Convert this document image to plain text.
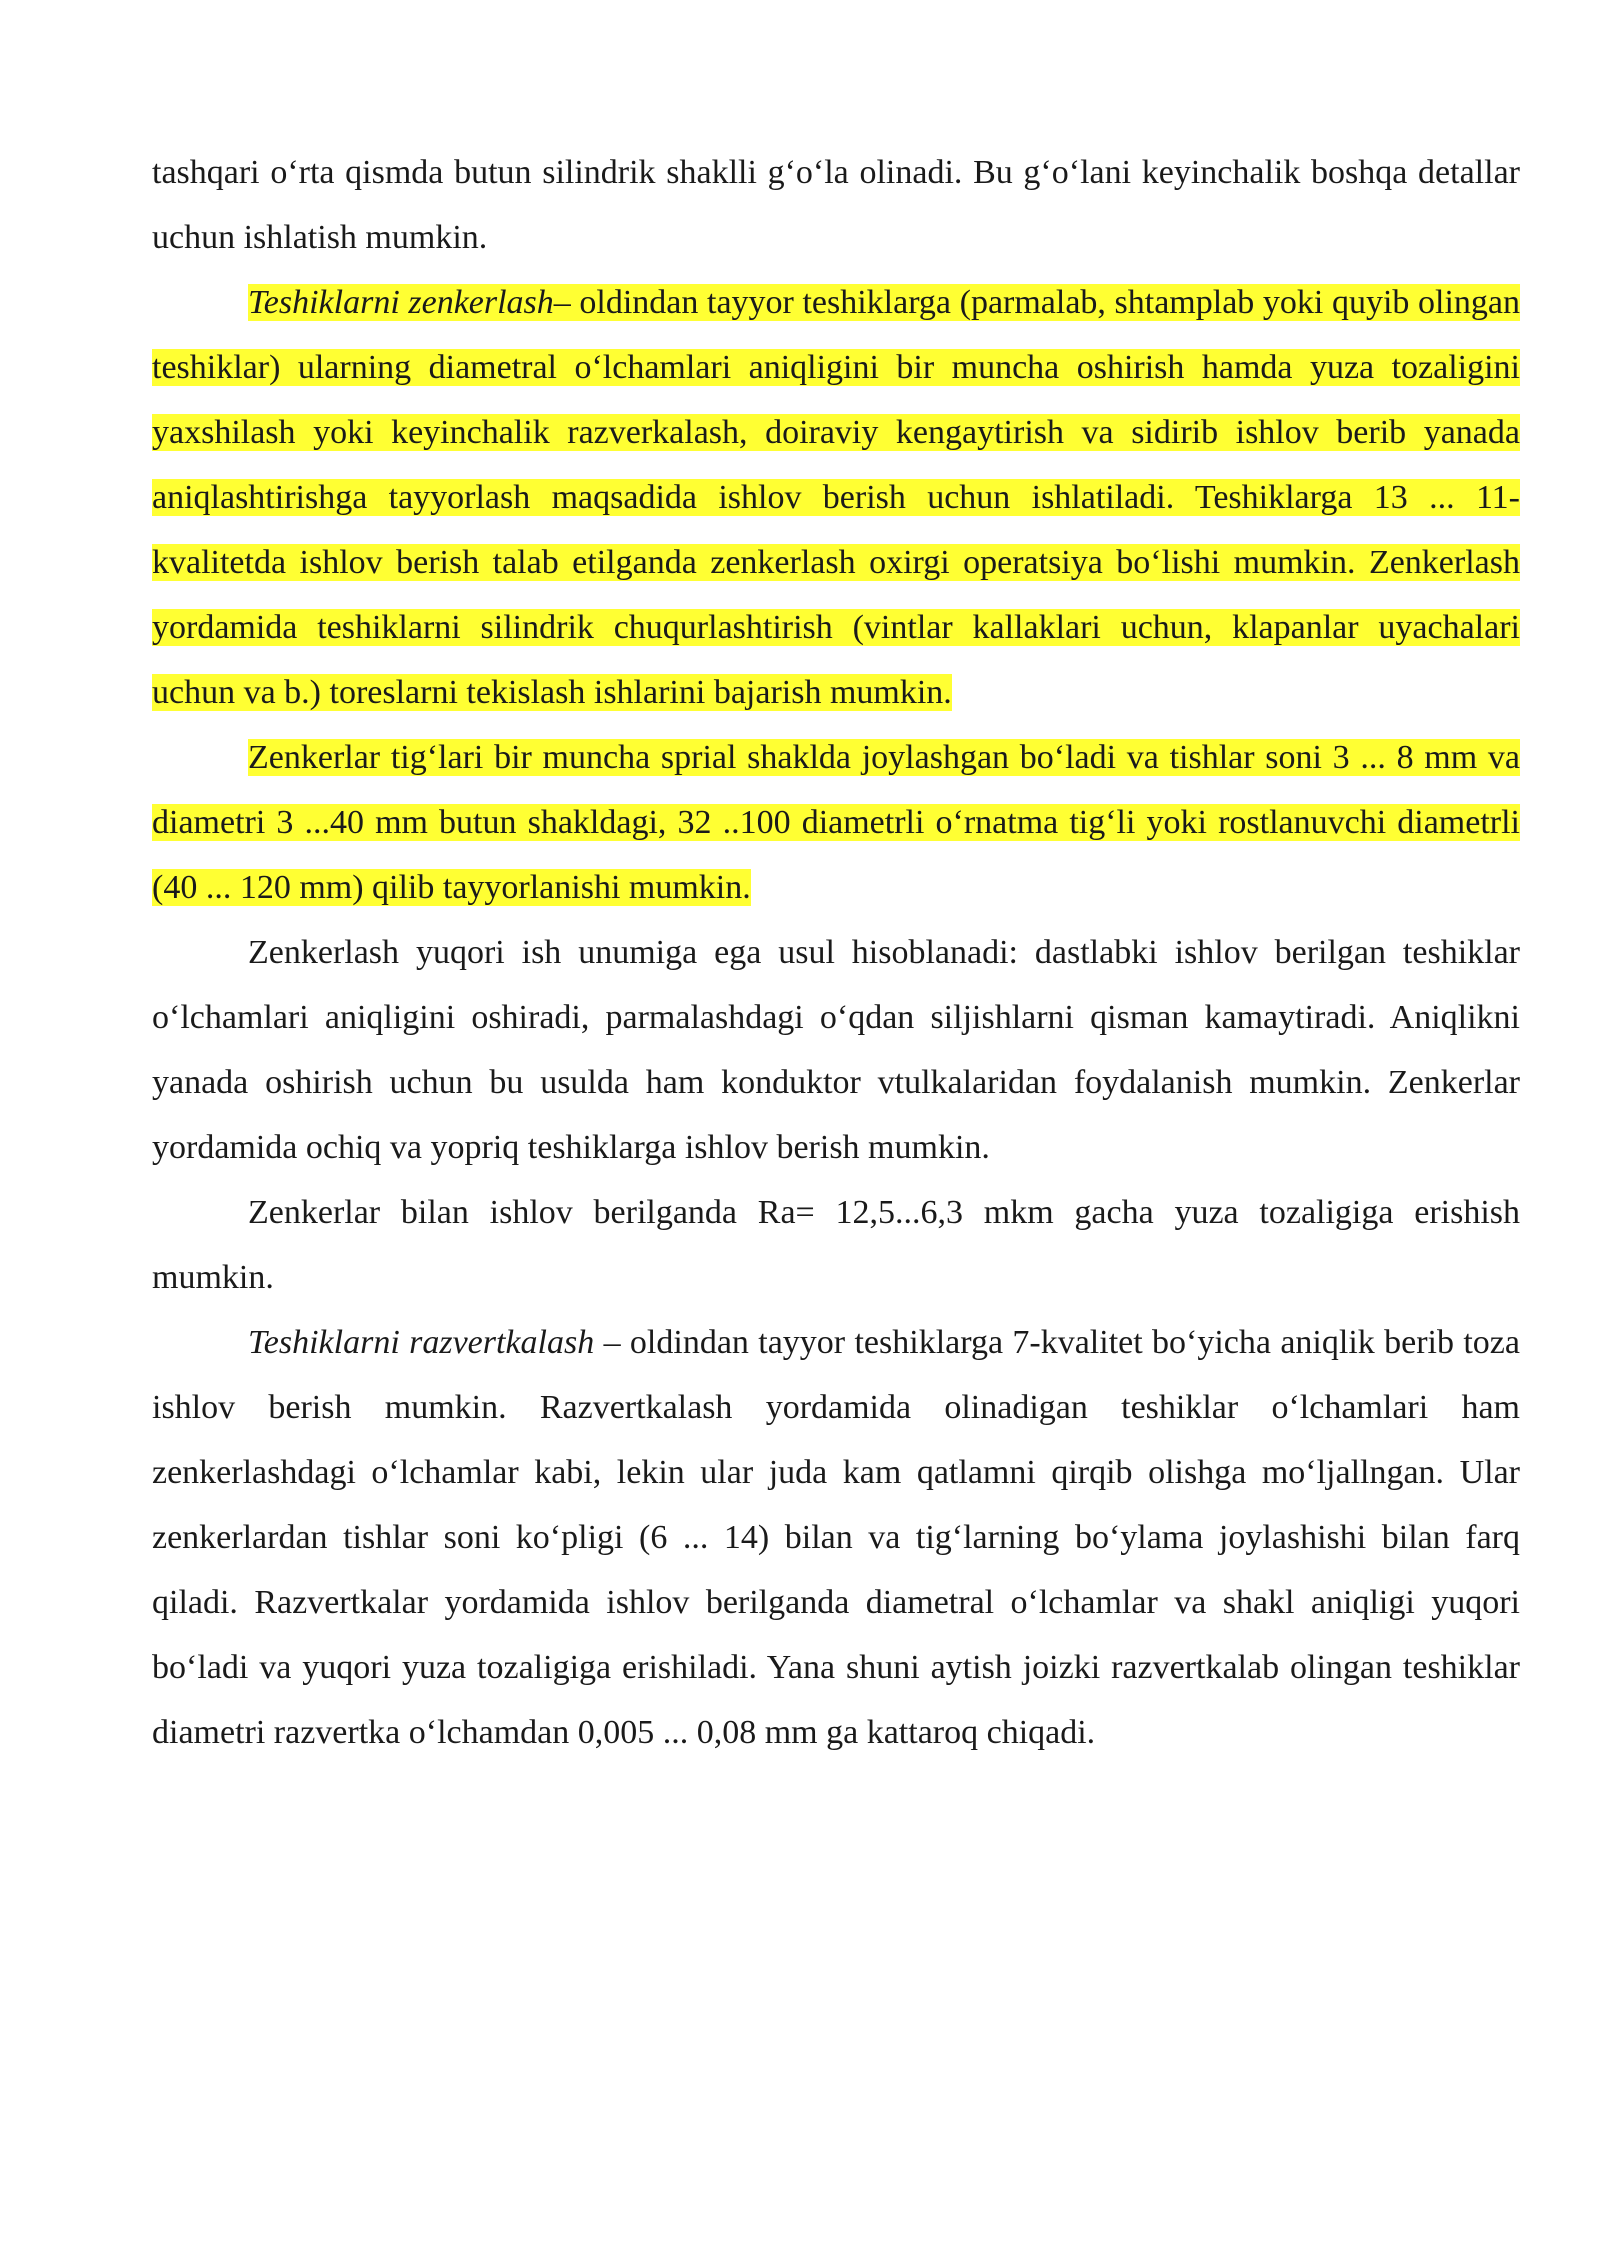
tashqari o‘rta qismda butun silindrik shaklli g‘o‘la olinadi. Bu g‘o‘lani keyinchalik boshqa detallar uchun ishlatish mumkin.

Teshiklarni zenkerlash– oldindan tayyor teshiklarga (parmalab, shtamplab yoki quyib olingan teshiklar) ularning diametral o‘lchamlari aniqligini bir muncha oshirish hamda yuza tozaligini yaxshilash yoki keyinchalik razverkalash, doiraviy kengaytirish va sidirib ishlov berib yanada aniqlashtirishga tayyorlash maqsadida ishlov berish uchun ishlatiladi. Teshiklarga 13 ... 11- kvalitetda ishlov berish talab etilganda zenkerlash oxirgi operatsiya bo‘lishi mumkin. Zenkerlash yordamida teshiklarni silindrik chuqurlashtirish (vintlar kallaklari uchun, klapanlar uyachalari uchun va b.) toreslarni tekislash ishlarini bajarish mumkin.

Zenkerlar tig‘lari bir muncha sprial shaklda joylashgan bo‘ladi va tishlar soni 3 ... 8 mm va diametri 3 ...40 mm butun shakldagi, 32 ..100 diametrli o‘rnatma tig‘li yoki rostlanuvchi diametrli (40 ... 120 mm) qilib tayyorlanishi mumkin.

Zenkerlash yuqori ish unumiga ega usul hisoblanadi: dastlabki ishlov berilgan teshiklar o‘lchamlari aniqligini oshiradi, parmalashdagi o‘qdan siljishlarni qisman kamaytiradi. Aniqlikni yanada oshirish uchun bu usulda ham konduktor vtulkalaridan foydalanish mumkin. Zenkerlar yordamida ochiq va yopriq teshiklarga ishlov berish mumkin.

Zenkerlar bilan ishlov berilganda Ra= 12,5...6,3 mkm gacha yuza tozaligiga erishish mumkin.

Teshiklarni razvertkalash – oldindan tayyor teshiklarga 7-kvalitet bo‘yicha aniqlik berib toza ishlov berish mumkin. Razvertkalash yordamida olinadigan teshiklar o‘lchamlari ham zenkerlashdagi o‘lchamlar kabi, lekin ular juda kam qatlamni qirqib olishga mo‘ljallngan. Ular zenkerlardan tishlar soni ko‘pligi (6 ... 14) bilan va tig‘larning bo‘ylama joylashishi bilan farq qiladi. Razvertkalar yordamida ishlov berilganda diametral o‘lchamlar va shakl aniqligi yuqori bo‘ladi va yuqori yuza tozaligiga erishiladi. Yana shuni aytish joizki razvertkalab olingan teshiklar diametri razvertka o‘lchamdan 0,005 ... 0,08 mm ga kattaroq chiqadi.
